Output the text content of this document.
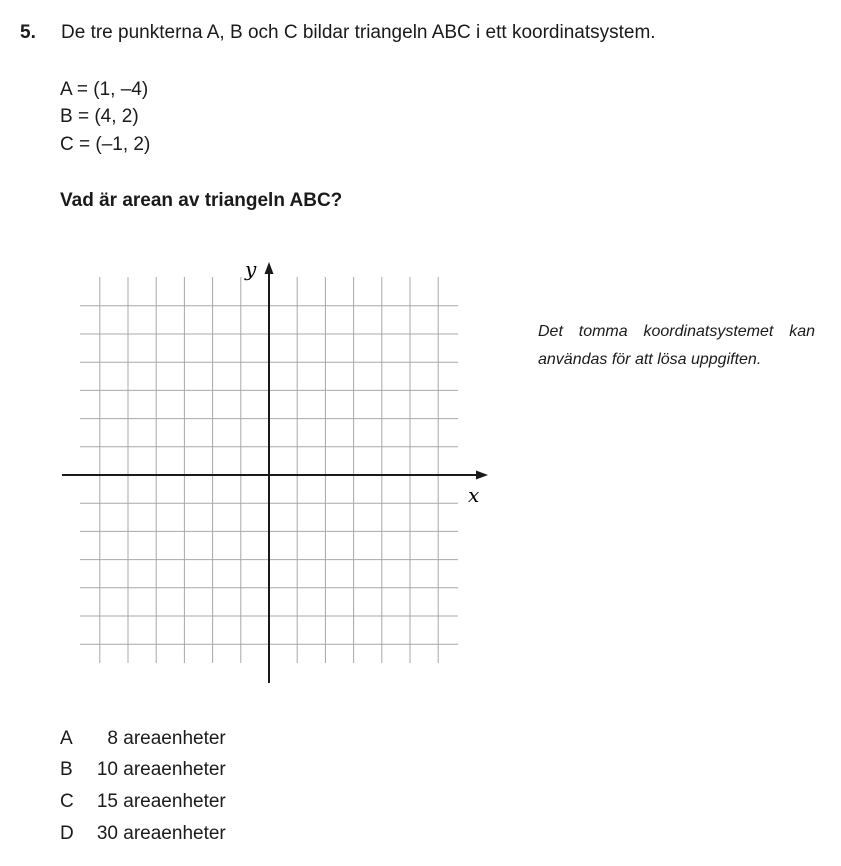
5. De tre punkterna A, B och C bildar triangeln ABC i ett koordinatsystem.
A = (1, –4)
B = (4, 2)
C = (–1, 2)
Vad är arean av triangeln ABC?
x
y
Det tomma koordinatsystemet kan
användas för att lösa uppgiften.
A	8 areaenheter
B	10 areaenheter
C	15 areaenheter
D	30 areaenheter
